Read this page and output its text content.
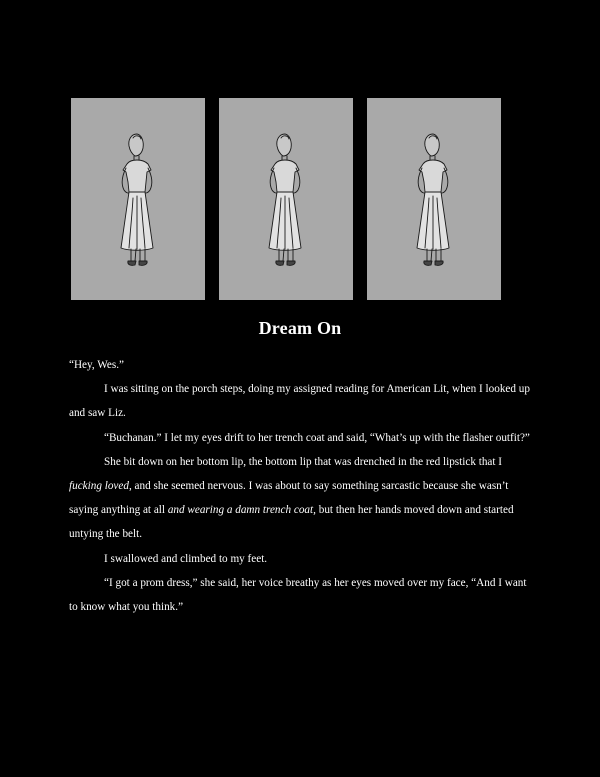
Dream On

“Hey, Wes.”

I was sitting on the porch steps, doing my assigned reading for American Lit, when I looked up and saw Liz.

“Buchanan.” I let my eyes drift to her trench coat and said, “What’s up with the flasher outfit?”

She bit down on her bottom lip, the bottom lip that was drenched in the red lipstick that I fucking loved, and she seemed nervous. I was about to say something sarcastic because she wasn’t saying anything at all and wearing a damn trench coat, but then her hands moved down and started untying the belt.

I swallowed and climbed to my feet.

“I got a prom dress,” she said, her voice breathy as her eyes moved over my face, “And I want to know what you think.”
